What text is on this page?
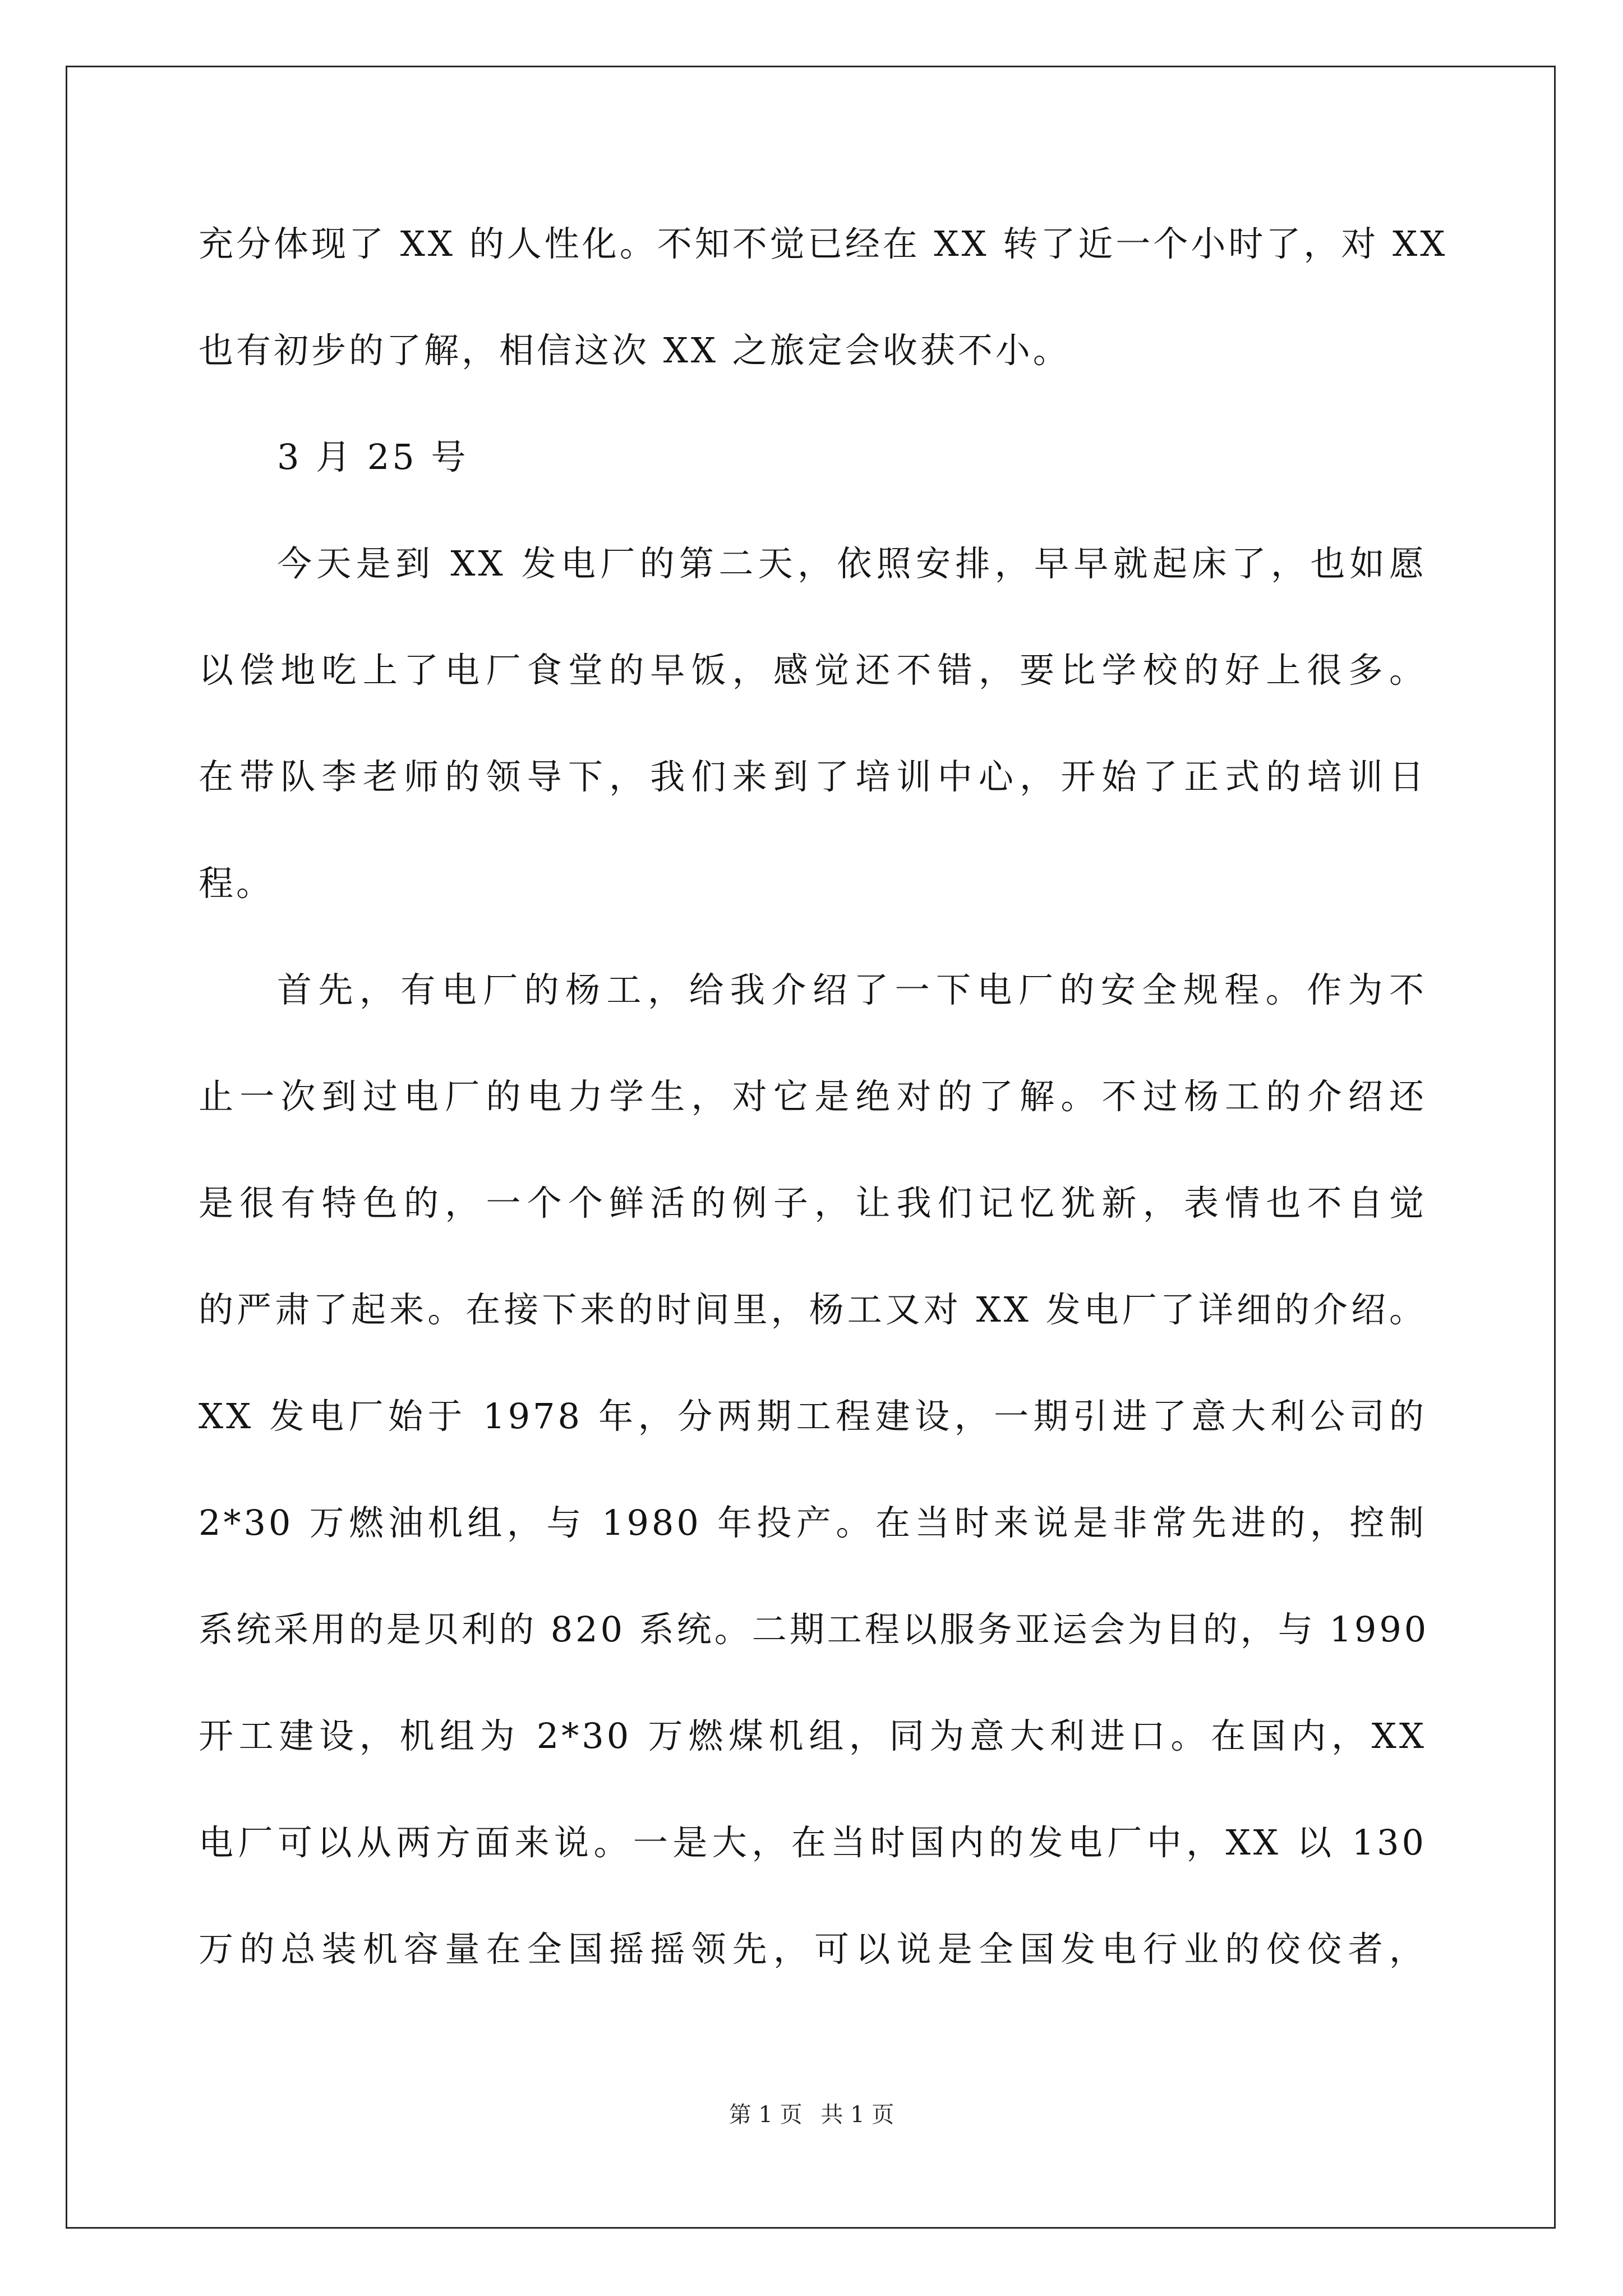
充分体现了 XX 的人性化。不知不觉已经在 XX 转了近一个小时了，对 XX
也有初步的了解，相信这次 XX 之旅定会收获不小。
3 月 25 号
今天是到 XX 发电厂的第二天，依照安排，早早就起床了，也如愿
以偿地吃上了电厂食堂的早饭，感觉还不错，要比学校的好上很多。
在带队李老师的领导下，我们来到了培训中心，开始了正式的培训日
程。
首先，有电厂的杨工，给我介绍了一下电厂的安全规程。作为不
止一次到过电厂的电力学生，对它是绝对的了解。不过杨工的介绍还
是很有特色的，一个个鲜活的例子，让我们记忆犹新，表情也不自觉
的严肃了起来。在接下来的时间里，杨工又对 XX 发电厂了详细的介绍。
XX 发电厂始于 1978 年，分两期工程建设，一期引进了意大利公司的
2*30 万燃油机组，与 1980 年投产。在当时来说是非常先进的，控制
系统采用的是贝利的 820 系统。二期工程以服务亚运会为目的，与 1990
开工建设，机组为 2*30 万燃煤机组，同为意大利进口。在国内，XX
电厂可以从两方面来说。一是大，在当时国内的发电厂中，XX 以 130
万的总装机容量在全国摇摇领先，可以说是全国发电行业的佼佼者，
第 1 页 共 1 页
